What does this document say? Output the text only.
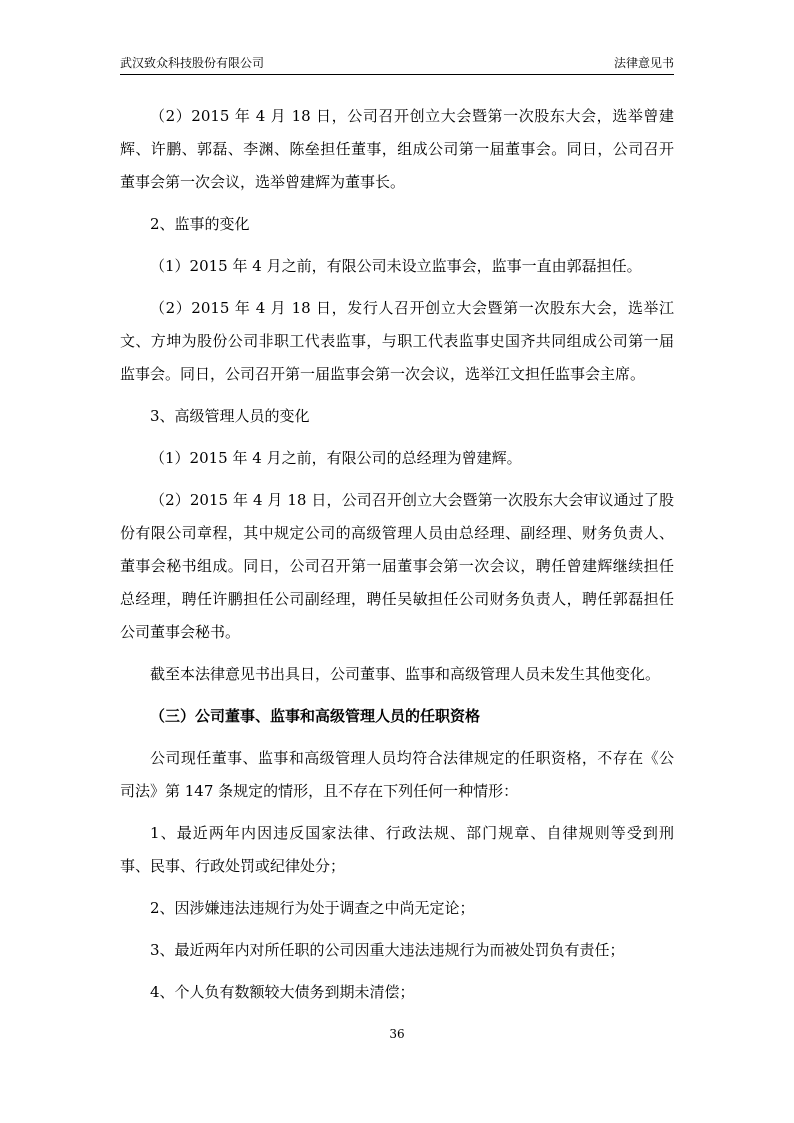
武汉致众科技股份有限公司	法律意见书

（2）2015 年 4 月 18 日，公司召开创立大会暨第一次股东大会，选举曾建辉、许鹏、郭磊、李渊、陈垒担任董事，组成公司第一届董事会。同日，公司召开董事会第一次会议，选举曾建辉为董事长。

2、监事的变化

（1）2015 年 4 月之前，有限公司未设立监事会，监事一直由郭磊担任。

（2）2015 年 4 月 18 日，发行人召开创立大会暨第一次股东大会，选举江文、方坤为股份公司非职工代表监事，与职工代表监事史国齐共同组成公司第一届监事会。同日，公司召开第一届监事会第一次会议，选举江文担任监事会主席。

3、高级管理人员的变化

（1）2015 年 4 月之前，有限公司的总经理为曾建辉。

（2）2015 年 4 月 18 日，公司召开创立大会暨第一次股东大会审议通过了股份有限公司章程，其中规定公司的高级管理人员由总经理、副经理、财务负责人、董事会秘书组成。同日，公司召开第一届董事会第一次会议，聘任曾建辉继续担任总经理，聘任许鹏担任公司副经理，聘任吴敏担任公司财务负责人，聘任郭磊担任公司董事会秘书。

截至本法律意见书出具日，公司董事、监事和高级管理人员未发生其他变化。

（三）公司董事、监事和高级管理人员的任职资格

公司现任董事、监事和高级管理人员均符合法律规定的任职资格，不存在《公司法》第 147 条规定的情形，且不存在下列任何一种情形：

1、最近两年内因违反国家法律、行政法规、部门规章、自律规则等受到刑 事、民事、行政处罚或纪律处分；

2、因涉嫌违法违规行为处于调查之中尚无定论；

3、最近两年内对所任职的公司因重大违法违规行为而被处罚负有责任；

4、个人负有数额较大债务到期未清偿；

36
